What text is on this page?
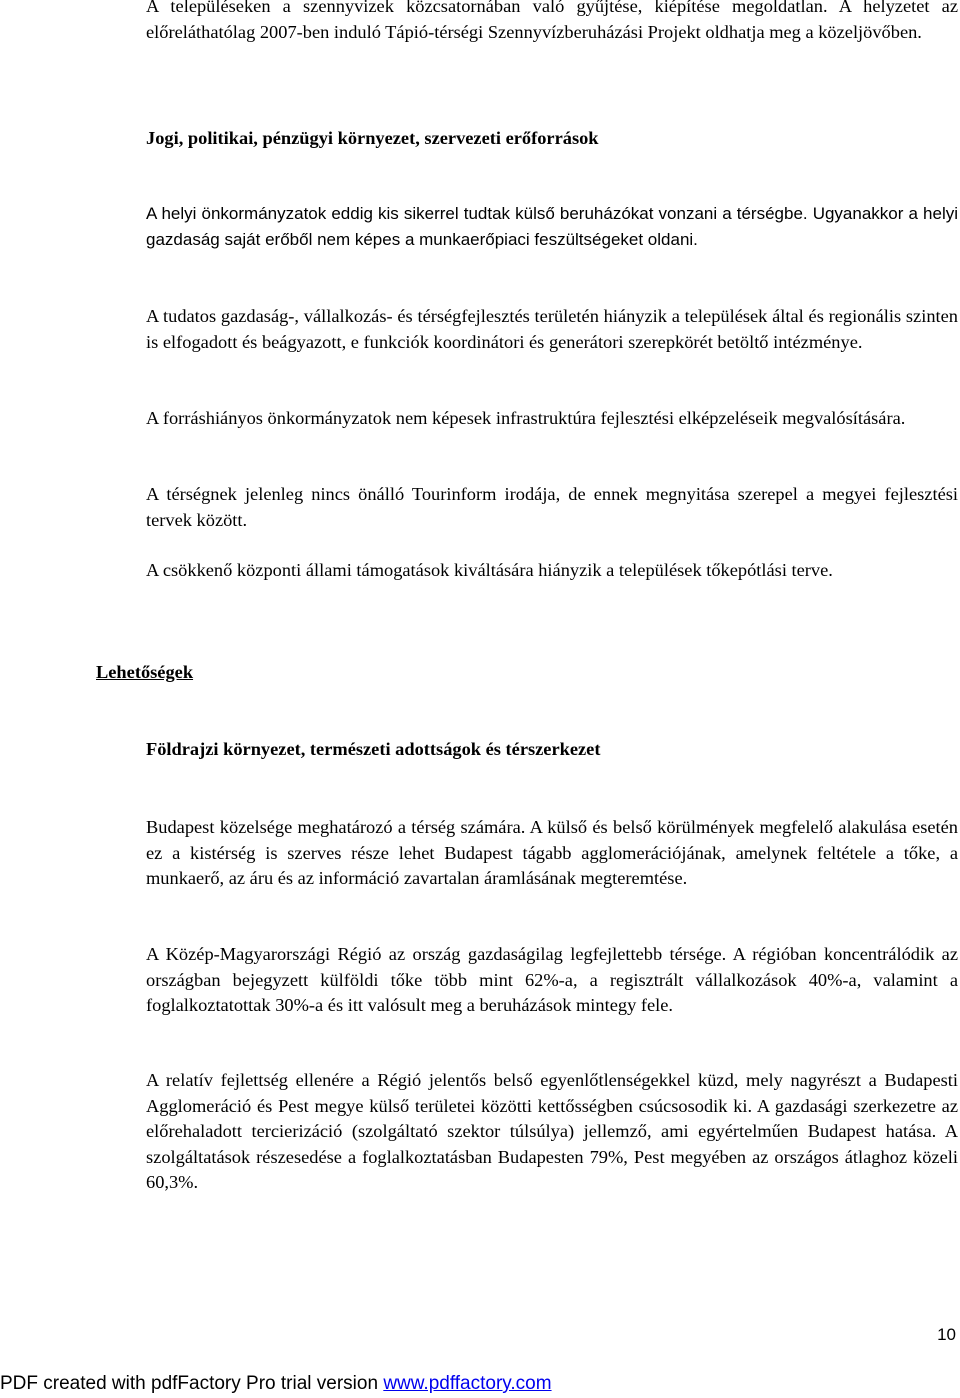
A településeken a szennyvizek közcsatornában való gyűjtése, kiépítése megoldatlan. A helyzetet az előreláthatólag 2007-ben induló Tápió-térségi Szennyvízberuházási Projekt oldhatja meg a közeljövőben.

Jogi, politikai, pénzügyi környezet, szervezeti erőforrások

A helyi önkormányzatok eddig kis sikerrel tudtak külső beruházókat vonzani a térségbe. Ugyanakkor a helyi gazdaság saját erőből nem képes a munkaerőpiaci feszültségeket oldani.

A tudatos gazdaság-, vállalkozás- és térségfejlesztés területén hiányzik a települések által és regionális szinten is elfogadott és beágyazott, e funkciók koordinátori és generátori szerepkörét betöltő intézménye.

A forráshiányos önkormányzatok nem képesek infrastruktúra fejlesztési elképzeléseik megvalósítására.

A térségnek jelenleg nincs önálló Tourinform irodája, de ennek megnyitása szerepel a megyei fejlesztési tervek között.

A csökkenő központi állami támogatások kiváltására hiányzik a települések tőkepótlási terve.

Lehetőségek
Földrajzi környezet, természeti adottságok és térszerkezet

Budapest közelsége meghatározó a térség számára. A külső és belső körülmények megfelelő alakulása esetén ez a kistérség is szerves része lehet Budapest tágabb agglomerációjának, amelynek feltétele a tőke, a munkaerő, az áru és az információ zavartalan áramlásának megteremtése.

A Közép-Magyarországi Régió az ország gazdaságilag legfejlettebb térsége. A régióban koncentrálódik az országban bejegyzett külföldi tőke több mint 62%-a, a regisztrált vállalkozások 40%-a, valamint a foglalkoztatottak 30%-a és itt valósult meg a beruházások mintegy fele.

A relatív fejlettség ellenére a Régió jelentős belső egyenlőtlenségekkel küzd, mely nagyrészt a Budapesti Agglomeráció és Pest megye külső területei közötti kettősségben csúcsosodik ki. A gazdasági szerkezetre az előrehaladott tercierizáció (szolgáltató szektor túlsúlya) jellemző, ami egyértelműen Budapest hatása. A szolgáltatások részesedése a foglalkoztatásban Budapesten 79%, Pest megyében az országos átlaghoz közeli 60,3%.

10
PDF created with pdfFactory Pro trial version www.pdffactory.com
